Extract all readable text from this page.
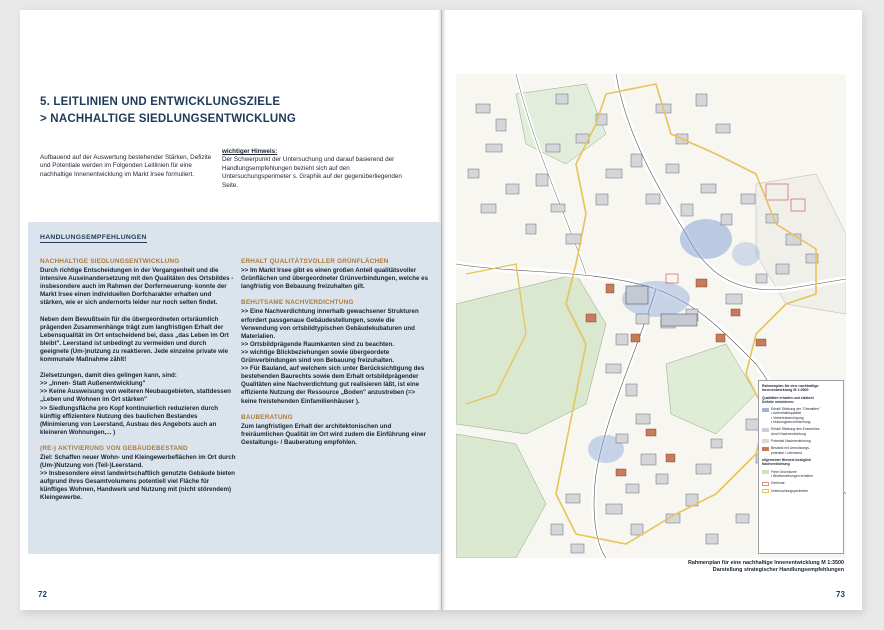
5. LEITLINIEN UND ENTWICKLUNGSZIELE
> NACHHALTIGE SIEDLUNGSENTWICKLUNG
Aufbauend auf der Auswertung bestehender Stärken, Defizite und Potentiale werden im Folgenden Leitlinien für eine nachhaltige Innenentwicklung im Markt Irsee formuliert.
wichtiger Hinweis:
Der Schwerpunkt der Untersuchung und darauf basierend der Handlungsempfehlungen bezieht sich auf den Untersuchungsperimeter s. Graphik auf der gegenüberliegenden Seite.
HANDLUNGSEMPFEHLUNGEN
NACHHALTIGE SIEDLUNGSENTWICKLUNG

Durch richtige Entscheidungen in der Vergangenheit und die intensive Auseinandersetzung mit den Qualitäten des Ortsbildes - insbesondere auch im Rahmen der Dorferneuerung- konnte der Markt Irsee einen individuellen Dorfcharakter erhalten und stärken, wie er sich andernorts leider nur noch selten findet.

Neben dem Bewußtsein für die übergeordneten ortsräumlich prägenden Zusammenhänge trägt zum langfristigen Erhalt der Lebensqualität im Ort entscheidend bei, dass „das Leben im Ort bleibt". Leerstand ist unbedingt zu vermeiden und durch geeignete (Um-)nutzung zu reaktieren. Jede einzelne private wie kommunale Maßnahme zählt!

Zielsetzungen, damit dies gelingen kann, sind:
>> „Innen- Statt Außenentwicklung"
>> Keine Ausweisung von weiteren Neubaugebieten, stattdessen „Leben und Wohnen im Ort stärken"
>> Siedlungsfläche pro Kopf kontinuierlich reduzieren durch künftig effizientere Nutzung des baulichen Bestandes (Minimierung von Leerstand, Ausbau des Angebots auch an kleineren Wohnungen,... )

(RE-) AKTIVIERUNG VON GEBÄUDEBESTAND

Ziel: Schaffen neuer Wohn- und Kleingewerbeflächen im Ort durch (Um-)Nutzung von (Teil-)Leerstand.
>> Insbesondere einst landwirtschaftlich genutzte Gebäude bieten aufgrund ihres Gesamtvolumens potentiell viel Fläche für künftiges Wohnen, Handwerk und Nutzung mit (nicht störendem) Kleingewerbe.

ERHALT QUALITÄTSVOLLER GRÜNFLÄCHEN

>> Im Markt Irsee gibt es einen großen Anteil qualitätsvoller Grünflächen und übergeordneter Grünverbindungen, welche es langfristig von Bebauung freizuhalten gilt.

BEHUTSAME NACHVERDICHTUNG

>> Eine Nachverdichtung innerhalb gewachsener Strukturen erfordert passgenaue Gebäudestellungen, sowie die Verwendung von ortsbildtypischen Gebäudekubaturen und Materialien.
>> Ortsbildprägende Raumkanten sind zu beachten.
>> wichtige Blickbeziehungen sowie übergeordete Grünverbindungen sind von Bebauung freizuhalten.
>> Für Bauland, auf welchem sich unter Berücksichtigung des bestehenden Baurechts sowie dem Erhalt ortsbildprägender Qualitäten eine Nachverdichtung gut realisieren läßt, ist eine effiziente Nutzung der Ressource „Boden" anzustreben (=> keine freistehenden Einfamilienhäuser ).

BAUBERATUNG

Zum langfristigen Erhalt der architektonischen und freiräumlichen Qualität im Ort wird zudem die Einführung einer Gestaltungs- / Bauberatung empfohlen.

72
Rahmenplan für eine nachhaltige
Innenentwicklung M 1:3500
Qualitäten erhalten und stärken/
Defizite minimieren:
Erhalt/ Stärkung der "Ortsmitten"
• Aufenthaltsqualität
• Verkehrsberuhigung
• Nutzungsdurchmischung
Erhalt/ Stärkung des Ensembles
durch Nachverdichtung
Potential Nachverdichtung
Bestand mit Umnutzungs-
potential / Leerstand
allgemeiner Hinweis bezüglich
Nachverdichtung
Freie Grünräume
• Blickbeziehungen erhalten
Denkmal
Untersuchungsperimeter
Rahmenplan für eine nachhaltige Innenentwicklung M 1:3500
Darstellung strategischer Handlungsempfehlungen
73
